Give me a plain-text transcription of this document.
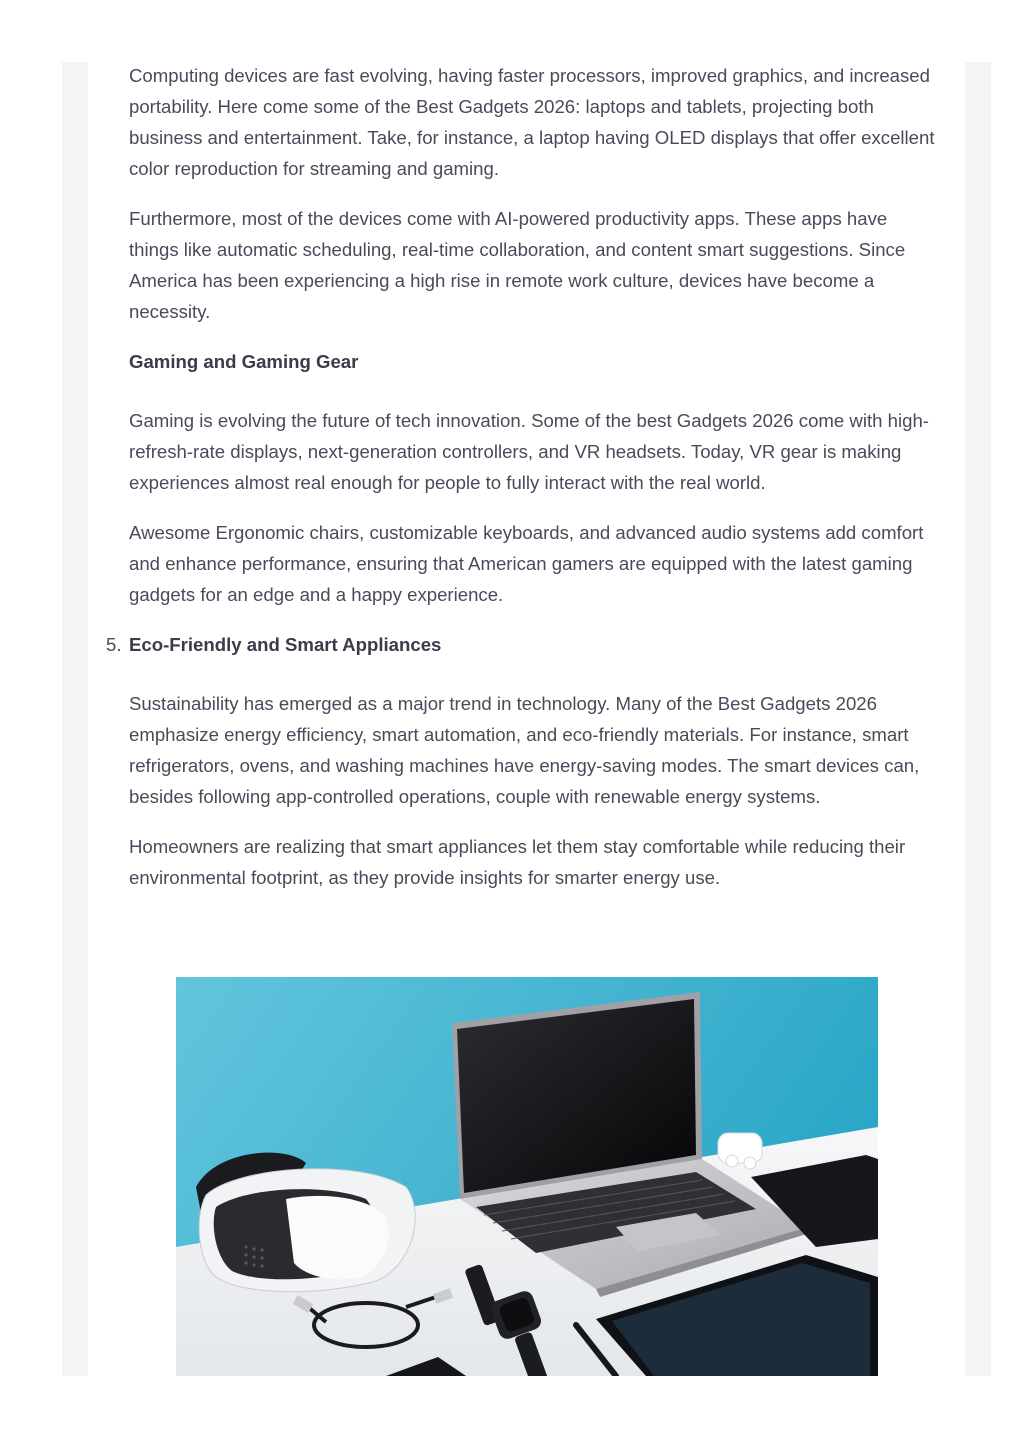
Computing devices are fast evolving, having faster processors, improved graphics, and increased portability. Here come some of the Best Gadgets 2026: laptops and tablets, projecting both business and entertainment. Take, for instance, a laptop having OLED displays that offer excellent color reproduction for streaming and gaming.

Furthermore, most of the devices come with AI-powered productivity apps. These apps have things like automatic scheduling, real-time collaboration, and content smart suggestions. Since America has been experiencing a high rise in remote work culture, devices have become a necessity.

Gaming and Gaming Gear

Gaming is evolving the future of tech innovation. Some of the best Gadgets 2026 come with high-refresh-rate displays, next-generation controllers, and VR headsets. Today, VR gear is making experiences almost real enough for people to fully interact with the real world.

Awesome Ergonomic chairs, customizable keyboards, and advanced audio systems add comfort and enhance performance, ensuring that American gamers are equipped with the latest gaming gadgets for an edge and a happy experience.

5. Eco-Friendly and Smart Appliances

Sustainability has emerged as a major trend in technology. Many of the Best Gadgets 2026 emphasize energy efficiency, smart automation, and eco-friendly materials. For instance, smart refrigerators, ovens, and washing machines have energy-saving modes. The smart devices can, besides following app-controlled operations, couple with renewable energy systems.

Homeowners are realizing that smart appliances let them stay comfortable while reducing their environmental footprint, as they provide insights for smarter energy use.
